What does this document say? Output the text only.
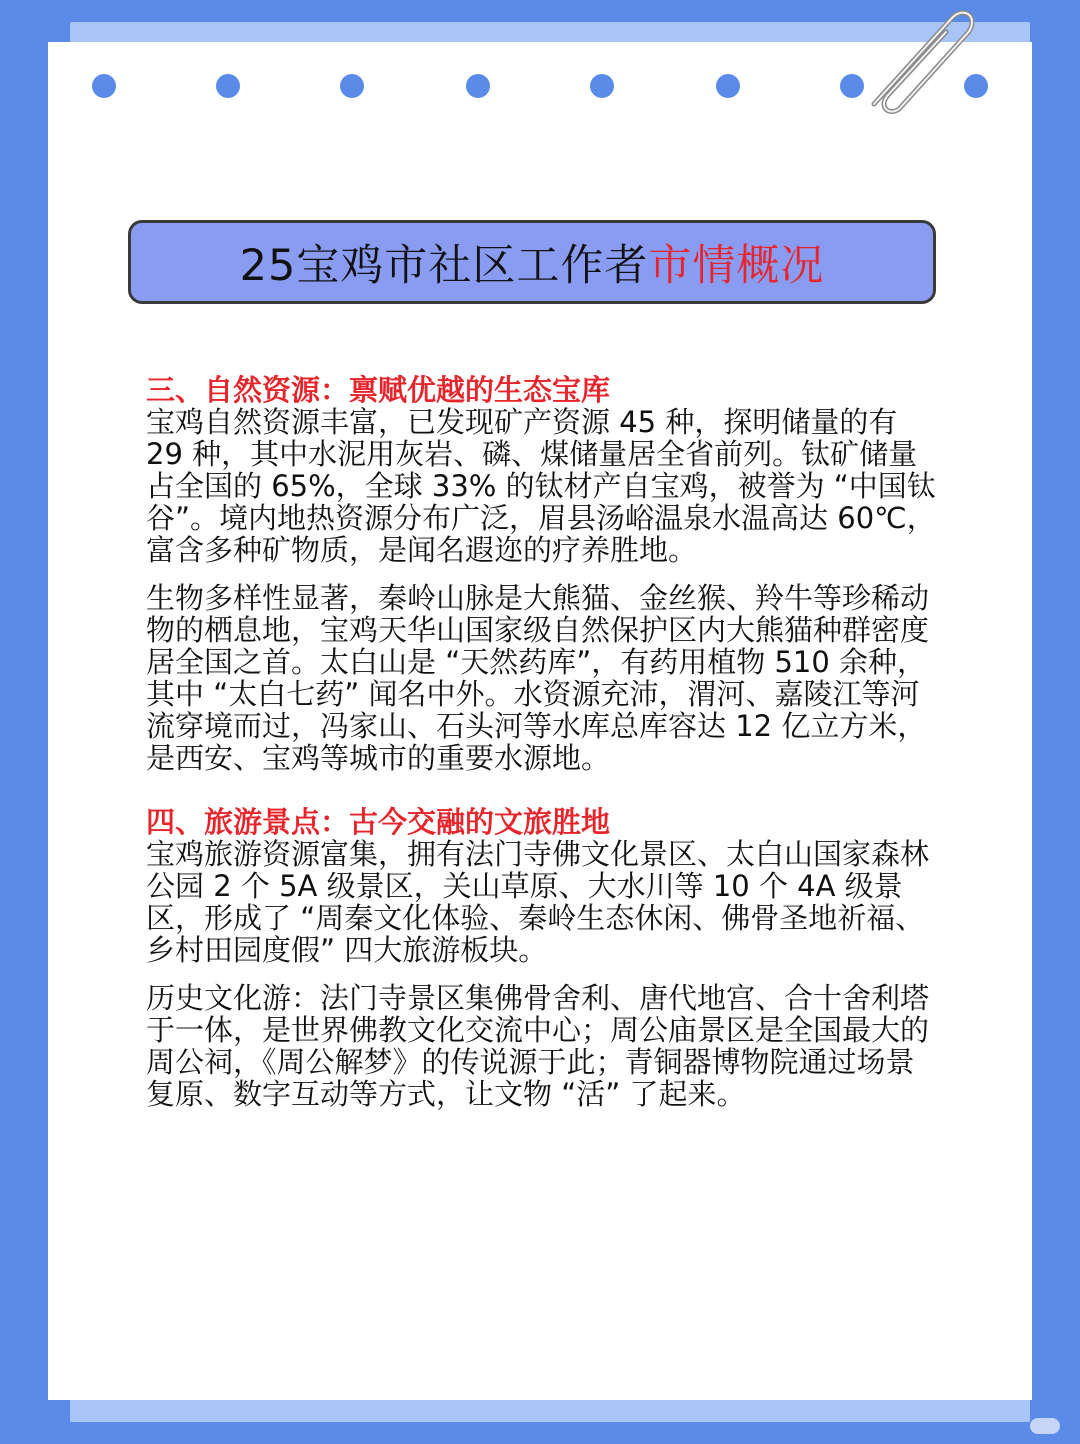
25宝鸡市社区工作者 市情概况
三、自然资源：禀赋优越的生态宝库

宝鸡自然资源丰富，已发现矿产资源 45 种，探明储量的有 29 种，其中水泥用灰岩、磷、煤储量居全省前列。钛矿储量占全国的 65%，全球 33% 的钛材产自宝鸡，被誉为 “中国钛谷”。境内地热资源分布广泛，眉县汤峪温泉水温高达 60℃，富含多种矿物质，是闻名遐迩的疗养胜地。

生物多样性显著，秦岭山脉是大熊猫、金丝猴、羚牛等珍稀动物的栖息地，宝鸡天华山国家级自然保护区内大熊猫种群密度居全国之首。太白山是 “天然药库”，有药用植物 510 余种，其中 “太白七药” 闻名中外。水资源充沛，渭河、嘉陵江等河流穿境而过，冯家山、石头河等水库总库容达 12 亿立方米，是西安、宝鸡等城市的重要水源地。

四、旅游景点：古今交融的文旅胜地

宝鸡旅游资源富集，拥有法门寺佛文化景区、太白山国家森林公园 2 个 5A 级景区，关山草原、大水川等 10 个 4A 级景区，形成了 “周秦文化体验、秦岭生态休闲、佛骨圣地祈福、乡村田园度假” 四大旅游板块。

历史文化游：法门寺景区集佛骨舍利、唐代地宫、合十舍利塔于一体，是世界佛教文化交流中心；周公庙景区是全国最大的周公祠，《周公解梦》的传说源于此；青铜器博物院通过场景复原、数字互动等方式，让文物 “活” 了起来。
